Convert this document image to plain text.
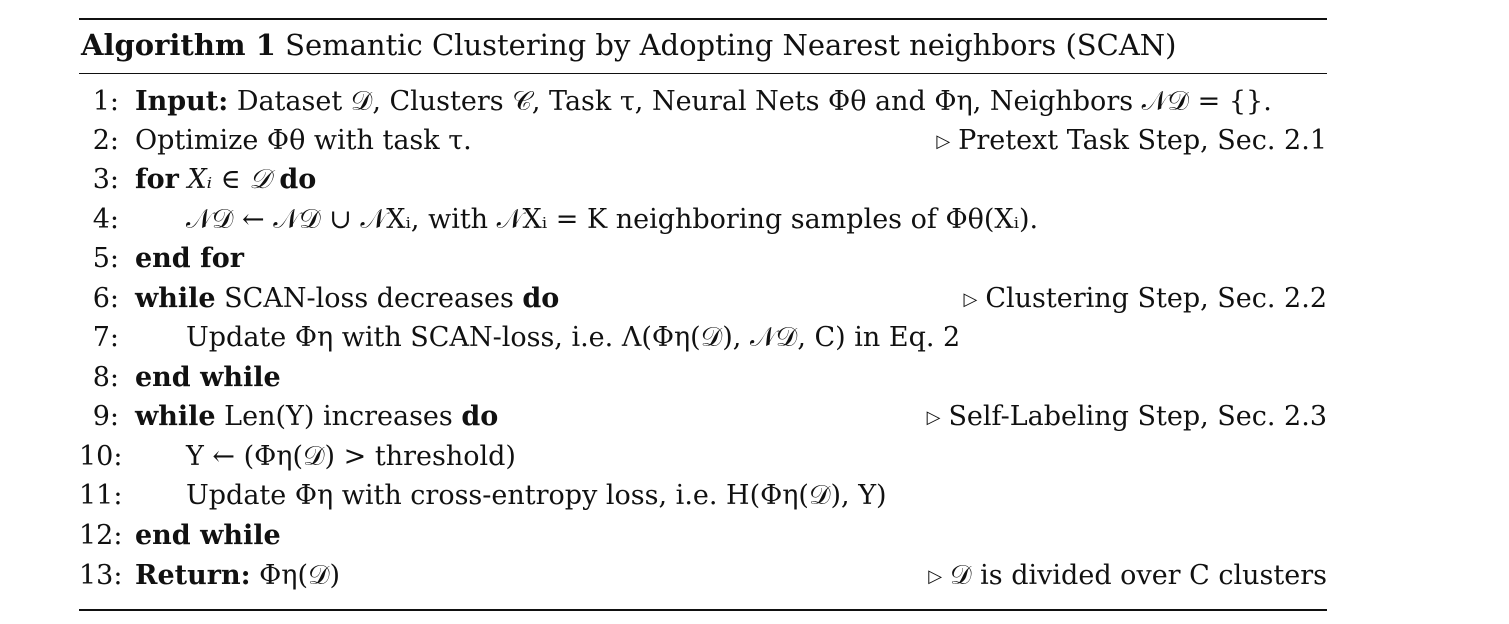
Algorithm 1 Semantic Clustering by Adopting Nearest neighbors (SCAN)
1: Input: Dataset 𝒟, Clusters 𝒞, Task τ, Neural Nets Φθ and Φη, Neighbors 𝒩𝒟 = {}.
2: Optimize Φθ with task τ.	▷ Pretext Task Step, Sec. 2.1
3: for Xᵢ ∈ 𝒟 do
4: 𝒩𝒟 ← 𝒩𝒟 ∪ 𝒩Xᵢ, with 𝒩Xᵢ = K neighboring samples of Φθ(Xᵢ).
5: end for
6: while SCAN-loss decreases do	▷ Clustering Step, Sec. 2.2
7: Update Φη with SCAN-loss, i.e. Λ(Φη(𝒟), 𝒩𝒟, C) in Eq. 2
8: end while
9: while Len(Y) increases do	▷ Self-Labeling Step, Sec. 2.3
10: Y ← (Φη(𝒟) > threshold)
11: Update Φη with cross-entropy loss, i.e. H(Φη(𝒟), Y)
12: end while
13: Return: Φη(𝒟)	▷ 𝒟 is divided over C clusters
